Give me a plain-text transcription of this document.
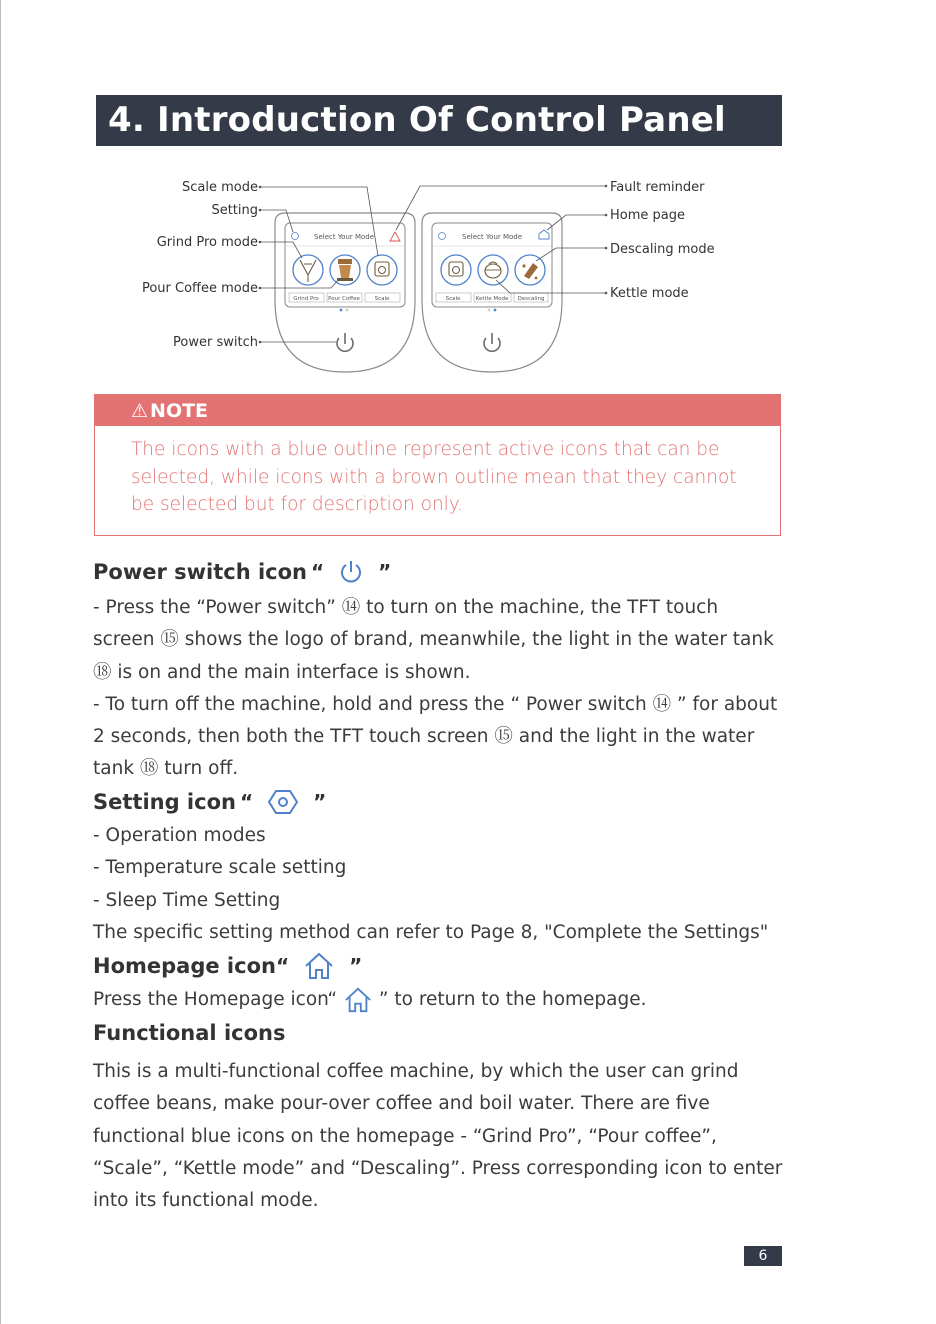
4. Introduction Of Control Panel
Select Your Mode
Grind Pro Pour Coffee	Scale
Select Your Mode
Scale	Kettle Mode Descaling
Scale mode
Setting
Grind Pro mode
Pour Coffee mode
Power switch
Fault reminder
Home page
Descaling mode
Kettle mode
⚠ NOTE
The icons with a blue outline represent active icons that can be selected, while icons with a brown outline mean that they cannot be selected but for description only.
Power switch icon “	”

- Press the “Power switch” ⑭ to turn on the machine, the TFT touch screen ⑮ shows the logo of brand, meanwhile, the light in the water tank ⑱ is on and the main interface is shown.

- To turn off the machine, hold and press the “ Power switch ⑭ ” for about 2 seconds, then both the TFT touch screen ⑮ and the light in the water tank ⑱ turn off.

Setting icon “	”

- Operation modes

- Temperature scale setting

- Sleep Time Setting

The specific setting method can refer to Page 8, "Complete the Settings"

Homepage icon “	”

Press the Homepage icon“ ” to return to the homepage.

Functional icons

This is a multi-functional coffee machine, by which the user can grind coffee beans, make pour-over coffee and boil water. There are five functional blue icons on the homepage - “Grind Pro”, “Pour coffee”, “Scale”, “Kettle mode” and “Descaling”. Press corresponding icon to enter into its functional mode.

6
